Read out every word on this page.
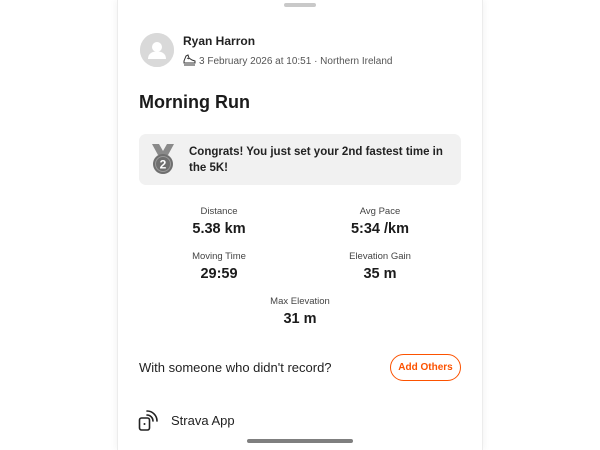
Ryan Harron
3 February 2026 at 10:51 · Northern Ireland
Morning Run
2

Congrats! You just set your 2nd fastest time in the 5K!

Distance
5.38 km
Avg Pace
5:34 /km
Moving Time
29:59
Elevation Gain
35 m
Max Elevation
31 m
With someone who didn't record?	Add Others
Strava App
